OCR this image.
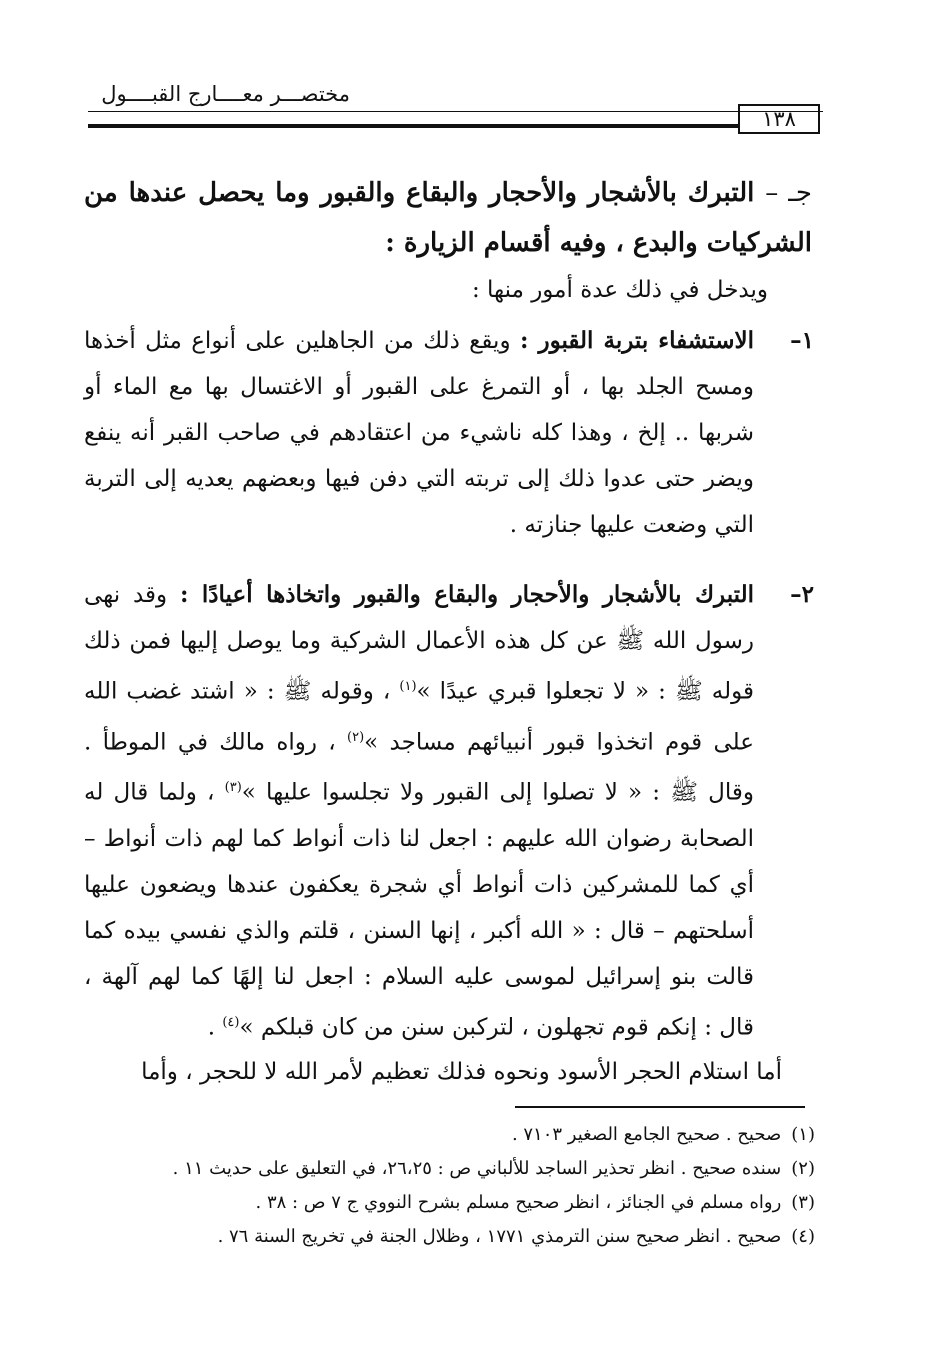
مختصـــر معــــارج القبــــول
١٣٨
جـ – التبرك بالأشجار والأحجار والبقاع والقبور وما يحصل عندها من الشركيات والبدع ، وفيه أقسام الزيارة :
ويدخل في ذلك عدة أمور منها :
١–
الاستشفاء بتربة القبور : ويقع ذلك من الجاهلين على أنواع مثل أخذها ومسح الجلد بها ، أو التمرغ على القبور أو الاغتسال بها مع الماء أو شربها .. إلخ ، وهذا كله ناشيء من اعتقادهم في صاحب القبر أنه ينفع ويضر حتى عدوا ذلك إلى تربته التي دفن فيها وبعضهم يعديه إلى التربة التي وضعت عليها جنازته .
٢–
التبرك بالأشجار والأحجار والبقاع والقبور واتخاذها أعيادًا : وقد نهى رسول الله ﷺ عن كل هذه الأعمال الشركية وما يوصل إليها فمن ذلك قوله ﷺ : « لا تجعلوا قبري عيدًا »$^{(١)}$ ، وقوله ﷺ : « اشتد غضب الله على قوم اتخذوا قبور أنبيائهم مساجد »$^{(٢)}$ ، رواه مالك في الموطأ . وقال ﷺ : « لا تصلوا إلى القبور ولا تجلسوا عليها »$^{(٣)}$ ، ولما قال له الصحابة رضوان الله عليهم : اجعل لنا ذات أنواط كما لهم ذات أنواط – أي كما للمشركين ذات أنواط أي شجرة يعكفون عندها ويضعون عليها أسلحتهم – قال : « الله أكبر ، إنها السنن ، قلتم والذي نفسي بيده كما قالت بنو إسرائيل لموسى عليه السلام : اجعل لنا إلهًا كما لهم آلهة ، قال : إنكم قوم تجهلون ، لتركبن سنن من كان قبلكم »$^{(٤)}$ .
أما استلام الحجر الأسود ونحوه فذلك تعظيم لأمر الله لا للحجر ، وأما
(١)صحيح . صحيح الجامع الصغير ٧١٠٣ .
(٢)سنده صحيح . انظر تحذير الساجد للألباني ص : ٢٦،٢٥، في التعليق على حديث ١١ .
(٣)رواه مسلم في الجنائز ، انظر صحيح مسلم بشرح النووي ج ٧ ص : ٣٨ .
(٤)صحيح . انظر صحيح سنن الترمذي ١٧٧١ ، وظلال الجنة في تخريج السنة ٧٦ .
